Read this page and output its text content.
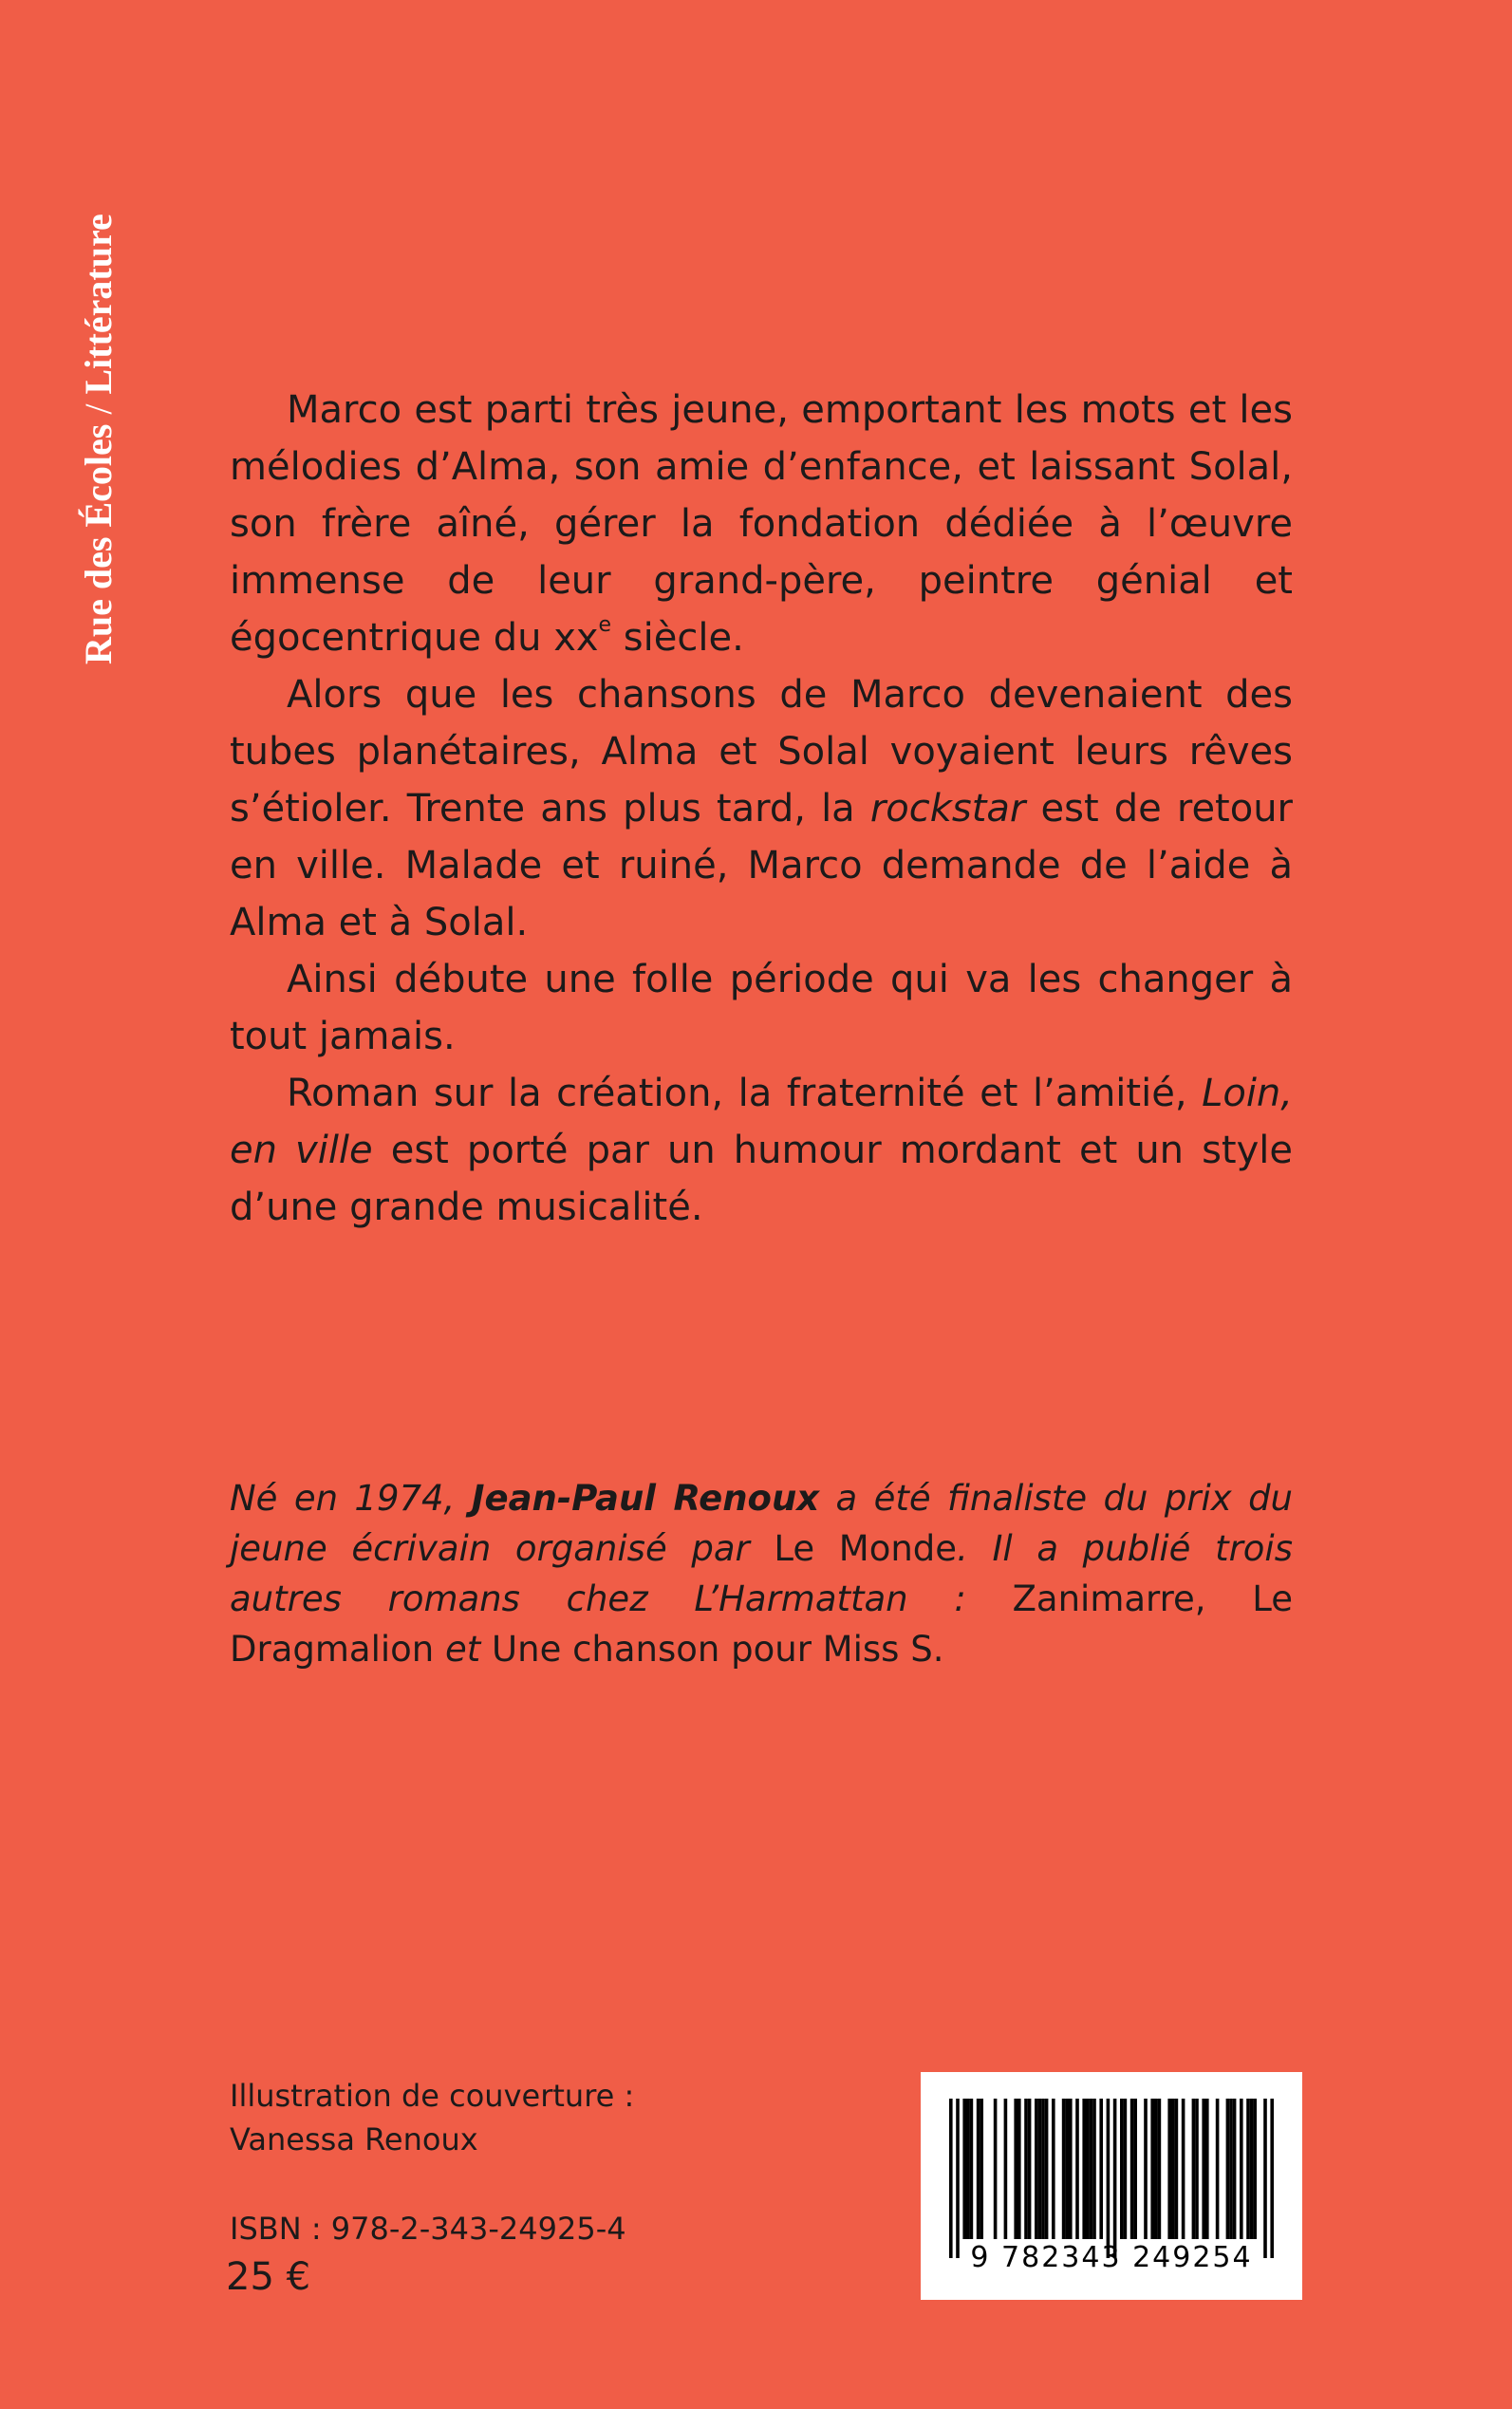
Rue des Écoles / Littérature

Marco est parti très jeune, emportant les mots et les mélodies d’Alma, son amie d’enfance, et laissant Solal, son frère aîné, gérer la fondation dédiée à l’œuvre immense de leur grand-père, peintre génial et égocentrique du $xx^e$ siècle.

Alors que les chansons de Marco devenaient des tubes planétaires, Alma et Solal voyaient leurs rêves s’étioler. Trente ans plus tard, la rockstar est de retour en ville. Malade et ruiné, Marco demande de l’aide à Alma et à Solal.

Ainsi débute une folle période qui va les changer à tout jamais.

Roman sur la création, la fraternité et l’amitié, Loin, en ville est porté par un humour mordant et un style d’une grande musicalité.

Né en 1974, Jean-Paul Renoux a été finaliste du prix du jeune écrivain organisé par Le Monde. Il a publié trois autres romans chez L’Harmattan : Zanimarre, Le Dragmalion et Une chanson pour Miss S.
Illustration de couverture :
Vanessa Renoux
ISBN : 978-2-343-24925-4
25 €	9 782343 249254
